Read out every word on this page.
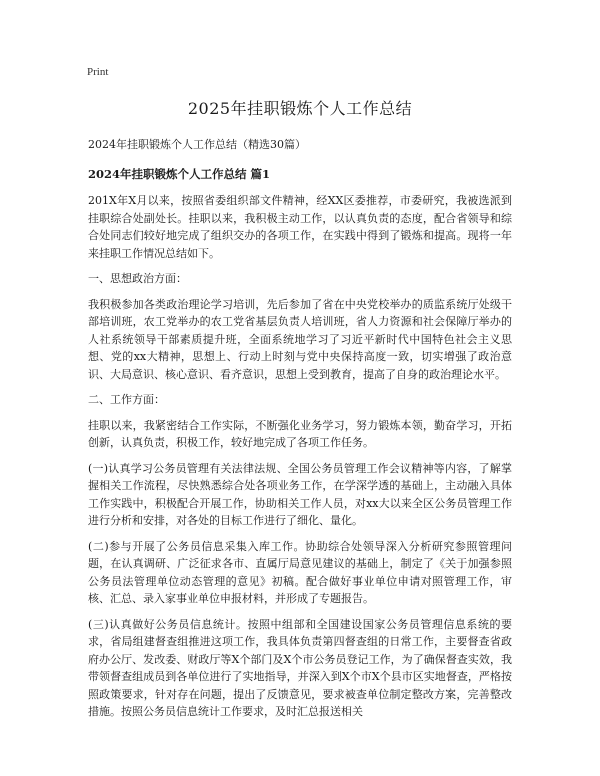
Print
2025年挂职锻炼个人工作总结
2024年挂职锻炼个人工作总结（精选30篇）
2024年挂职锻炼个人工作总结 篇1

201X年X月以来，按照省委组织部文件精神，经XX区委推荐，市委研究，我被选派到挂职综合处副处长。挂职以来，我积极主动工作，以认真负责的态度，配合省领导和综合处同志们较好地完成了组织交办的各项工作，在实践中得到了锻炼和提高。现将一年来挂职工作情况总结如下。

一、思想政治方面：

我积极参加各类政治理论学习培训，先后参加了省在中央党校举办的质监系统厅处级干部培训班，农工党举办的农工党省基层负责人培训班，省人力资源和社会保障厅举办的人社系统领导干部素质提升班，全面系统地学习了习近平新时代中国特色社会主义思想、党的xx大精神，思想上、行动上时刻与党中央保持高度一致，切实增强了政治意识、大局意识、核心意识、看齐意识，思想上受到教育，提高了自身的政治理论水平。

二、工作方面：

挂职以来，我紧密结合工作实际，不断强化业务学习，努力锻炼本领，勤奋学习，开拓创新，认真负责，积极工作，较好地完成了各项工作任务。

(一)认真学习公务员管理有关法律法规、全国公务员管理工作会议精神等内容，了解掌握相关工作流程，尽快熟悉综合处各项业务工作，在学深学透的基础上，主动融入具体工作实践中，积极配合开展工作，协助相关工作人员，对xx大以来全区公务员管理工作进行分析和安排，对各处的目标工作进行了细化、量化。

(二)参与开展了公务员信息采集入库工作。协助综合处领导深入分析研究参照管理问题，在认真调研、广泛征求各市、直属厅局意见建议的基础上，制定了《关于加强参照公务员法管理单位动态管理的意见》初稿。配合做好事业单位申请对照管理工作，审核、汇总、录入家事业单位申报材料，并形成了专题报告。

(三)认真做好公务员信息统计。按照中组部和全国建设国家公务员管理信息系统的要求，省局组建督查组推进这项工作，我具体负责第四督查组的日常工作，主要督查省政府办公厅、发改委、财政厅等X个部门及X个市公务员登记工作，为了确保督查实效，我带领督查组成员到各单位进行了实地指导，并深入到X个市X个县市区实地督查，严格按照政策要求，针对存在问题，提出了反馈意见，要求被查单位制定整改方案，完善整改措施。按照公务员信息统计工作要求，及时汇总报送相关
